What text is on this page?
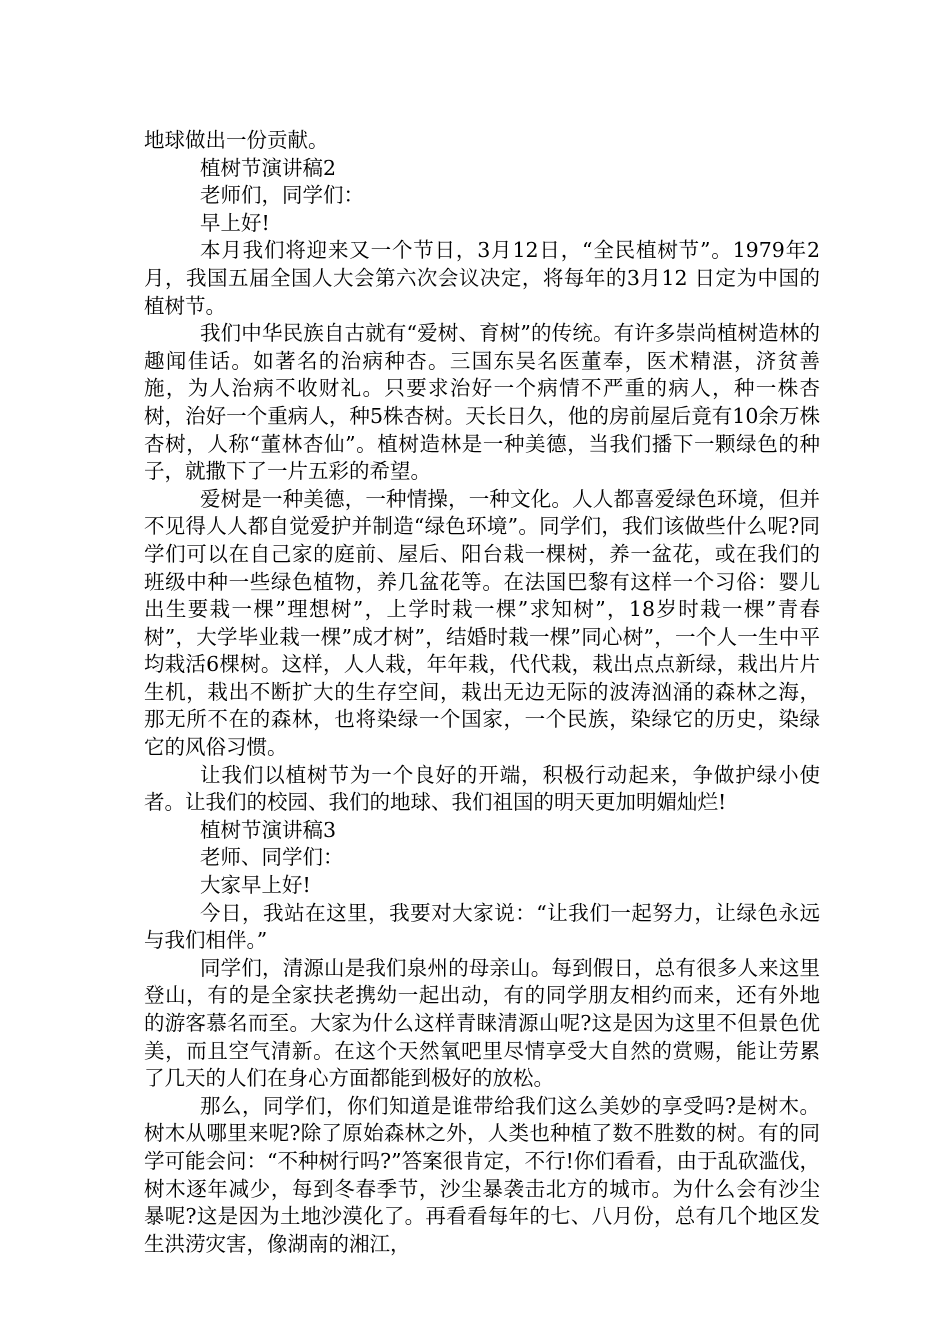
地球做出一份贡献。

植树节演讲稿2

老师们，同学们：

早上好!

本月我们将迎来又一个节日，3月12日，“全民植树节”。1979年2月，我国五届全国人大会第六次会议决定，将每年的3月12 日定为中国的植树节。

我们中华民族自古就有“爱树、育树”的传统。有许多崇尚植树造林的趣闻佳话。如著名的治病种杏。三国东吴名医董奉，医术精湛，济贫善施，为人治病不收财礼。只要求治好一个病情不严重的病人，种一株杏树，治好一个重病人，种5株杏树。天长日久，他的房前屋后竟有10余万株杏树，人称“董林杏仙”。植树造林是一种美德，当我们播下一颗绿色的种子，就撒下了一片五彩的希望。

爱树是一种美德，一种情操，一种文化。人人都喜爱绿色环境，但并不见得人人都自觉爱护并制造“绿色环境”。同学们，我们该做些什么呢?同学们可以在自己家的庭前、屋后、阳台栽一棵树，养一盆花，或在我们的班级中种一些绿色植物，养几盆花等。在法国巴黎有这样一个习俗：婴儿出生要栽一棵”理想树”，上学时栽一棵”求知树”，18岁时栽一棵”青春树”，大学毕业栽一棵”成才树”，结婚时栽一棵”同心树”，一个人一生中平均栽活6棵树。这样，人人栽，年年栽，代代栽，栽出点点新绿，栽出片片生机，栽出不断扩大的生存空间，栽出无边无际的波涛汹涌的森林之海，那无所不在的森林，也将染绿一个国家，一个民族，染绿它的历史，染绿它的风俗习惯。

让我们以植树节为一个良好的开端，积极行动起来，争做护绿小使者。让我们的校园、我们的地球、我们祖国的明天更加明媚灿烂!

植树节演讲稿3

老师、同学们：

大家早上好!

今日，我站在这里，我要对大家说：“让我们一起努力，让绿色永远与我们相伴。”

同学们，清源山是我们泉州的母亲山。每到假日，总有很多人来这里登山，有的是全家扶老携幼一起出动，有的同学朋友相约而来，还有外地的游客慕名而至。大家为什么这样青睐清源山呢?这是因为这里不但景色优美，而且空气清新。在这个天然氧吧里尽情享受大自然的赏赐，能让劳累了几天的人们在身心方面都能到极好的放松。

那么，同学们，你们知道是谁带给我们这么美妙的享受吗?是树木。树木从哪里来呢?除了原始森林之外，人类也种植了数不胜数的树。有的同学可能会问：“不种树行吗?”答案很肯定，不行!你们看看，由于乱砍滥伐，树木逐年减少，每到冬春季节，沙尘暴袭击北方的城市。为什么会有沙尘暴呢?这是因为土地沙漠化了。再看看每年的七、八月份，总有几个地区发生洪涝灾害，像湖南的湘江，
